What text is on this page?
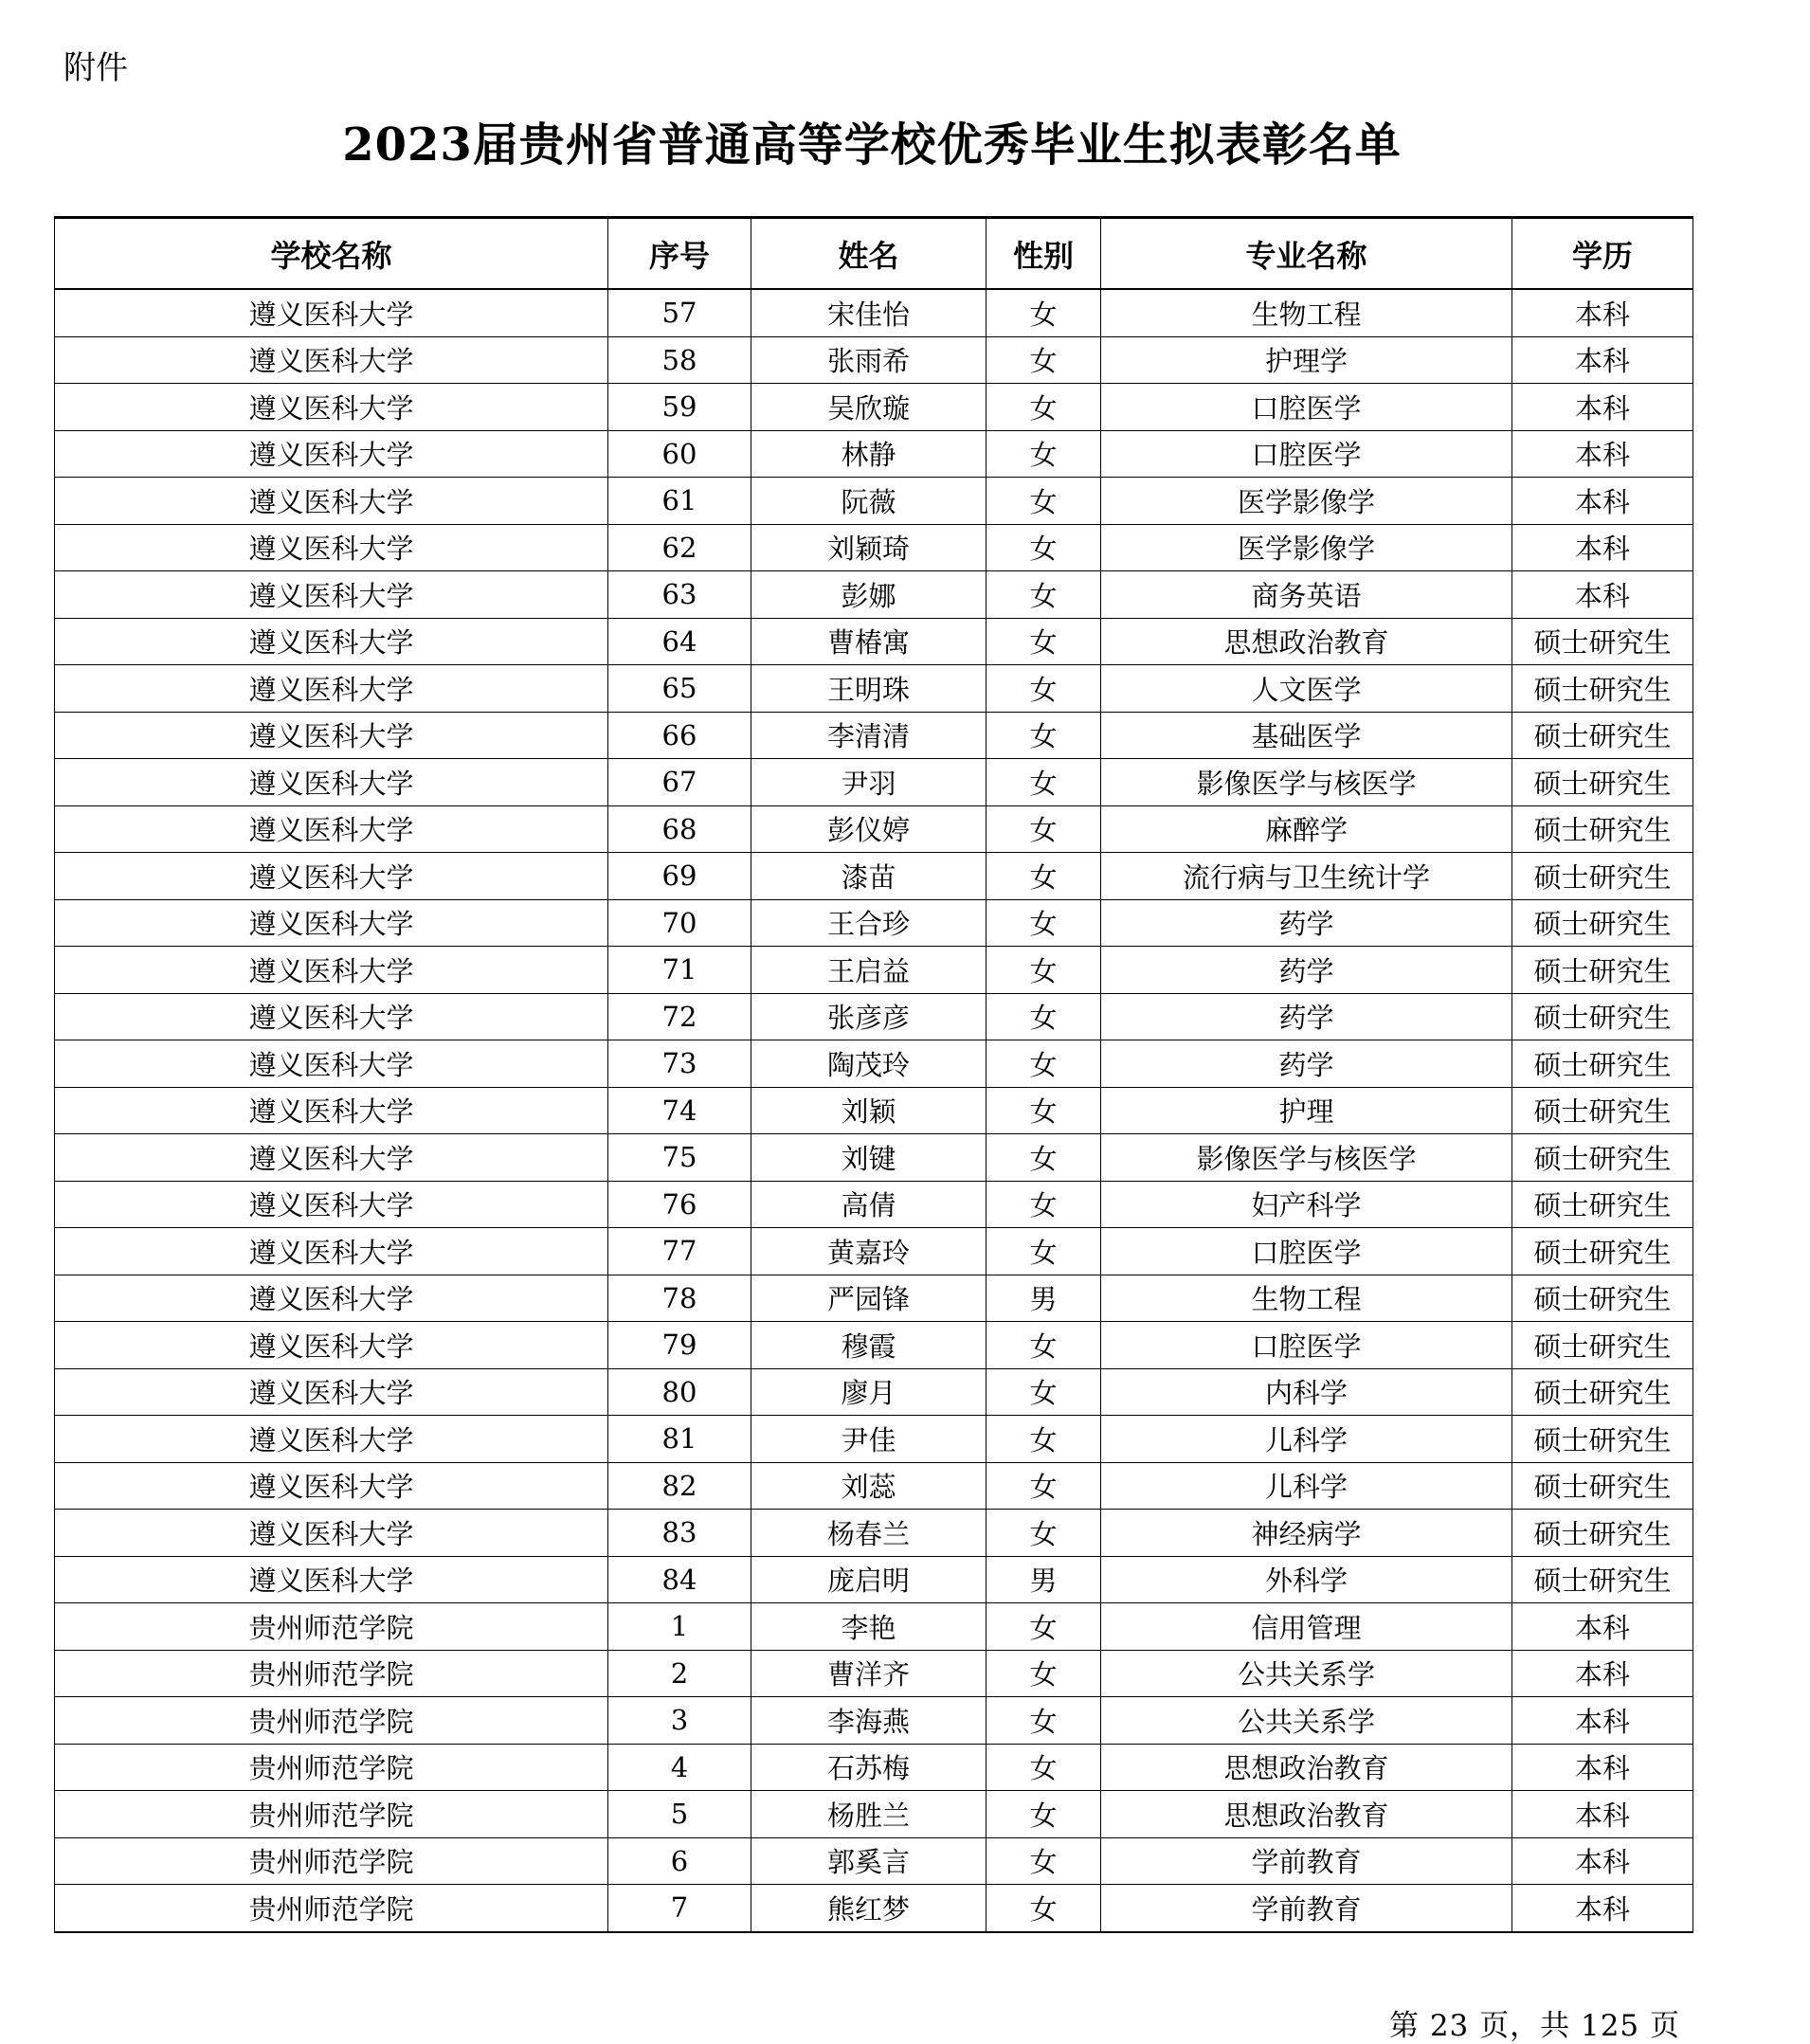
附件
2023届贵州省普通高等学校优秀毕业生拟表彰名单
学校名称	序号	姓名	性别	专业名称	学历
遵义医科大学	57	宋佳怡	女	生物工程	本科
遵义医科大学	58	张雨希	女	护理学	本科
遵义医科大学	59	吴欣璇	女	口腔医学	本科
遵义医科大学	60	林静	女	口腔医学	本科
遵义医科大学	61	阮薇	女	医学影像学	本科
遵义医科大学	62	刘颖琦	女	医学影像学	本科
遵义医科大学	63	彭娜	女	商务英语	本科
遵义医科大学	64	曹椿寓	女	思想政治教育	硕士研究生
遵义医科大学	65	王明珠	女	人文医学	硕士研究生
遵义医科大学	66	李清清	女	基础医学	硕士研究生
遵义医科大学	67	尹羽	女	影像医学与核医学	硕士研究生
遵义医科大学	68	彭仪婷	女	麻醉学	硕士研究生
遵义医科大学	69	漆苗	女	流行病与卫生统计学	硕士研究生
遵义医科大学	70	王合珍	女	药学	硕士研究生
遵义医科大学	71	王启益	女	药学	硕士研究生
遵义医科大学	72	张彦彦	女	药学	硕士研究生
遵义医科大学	73	陶茂玲	女	药学	硕士研究生
遵义医科大学	74	刘颖	女	护理	硕士研究生
遵义医科大学	75	刘键	女	影像医学与核医学	硕士研究生
遵义医科大学	76	高倩	女	妇产科学	硕士研究生
遵义医科大学	77	黄嘉玲	女	口腔医学	硕士研究生
遵义医科大学	78	严园锋	男	生物工程	硕士研究生
遵义医科大学	79	穆霞	女	口腔医学	硕士研究生
遵义医科大学	80	廖月	女	内科学	硕士研究生
遵义医科大学	81	尹佳	女	儿科学	硕士研究生
遵义医科大学	82	刘蕊	女	儿科学	硕士研究生
遵义医科大学	83	杨春兰	女	神经病学	硕士研究生
遵义医科大学	84	庞启明	男	外科学	硕士研究生
贵州师范学院	1	李艳	女	信用管理	本科
贵州师范学院	2	曹洋齐	女	公共关系学	本科
贵州师范学院	3	李海燕	女	公共关系学	本科
贵州师范学院	4	石苏梅	女	思想政治教育	本科
贵州师范学院	5	杨胜兰	女	思想政治教育	本科
贵州师范学院	6	郭奚言	女	学前教育	本科
贵州师范学院	7	熊红梦	女	学前教育	本科
第 23 页，共 125 页
